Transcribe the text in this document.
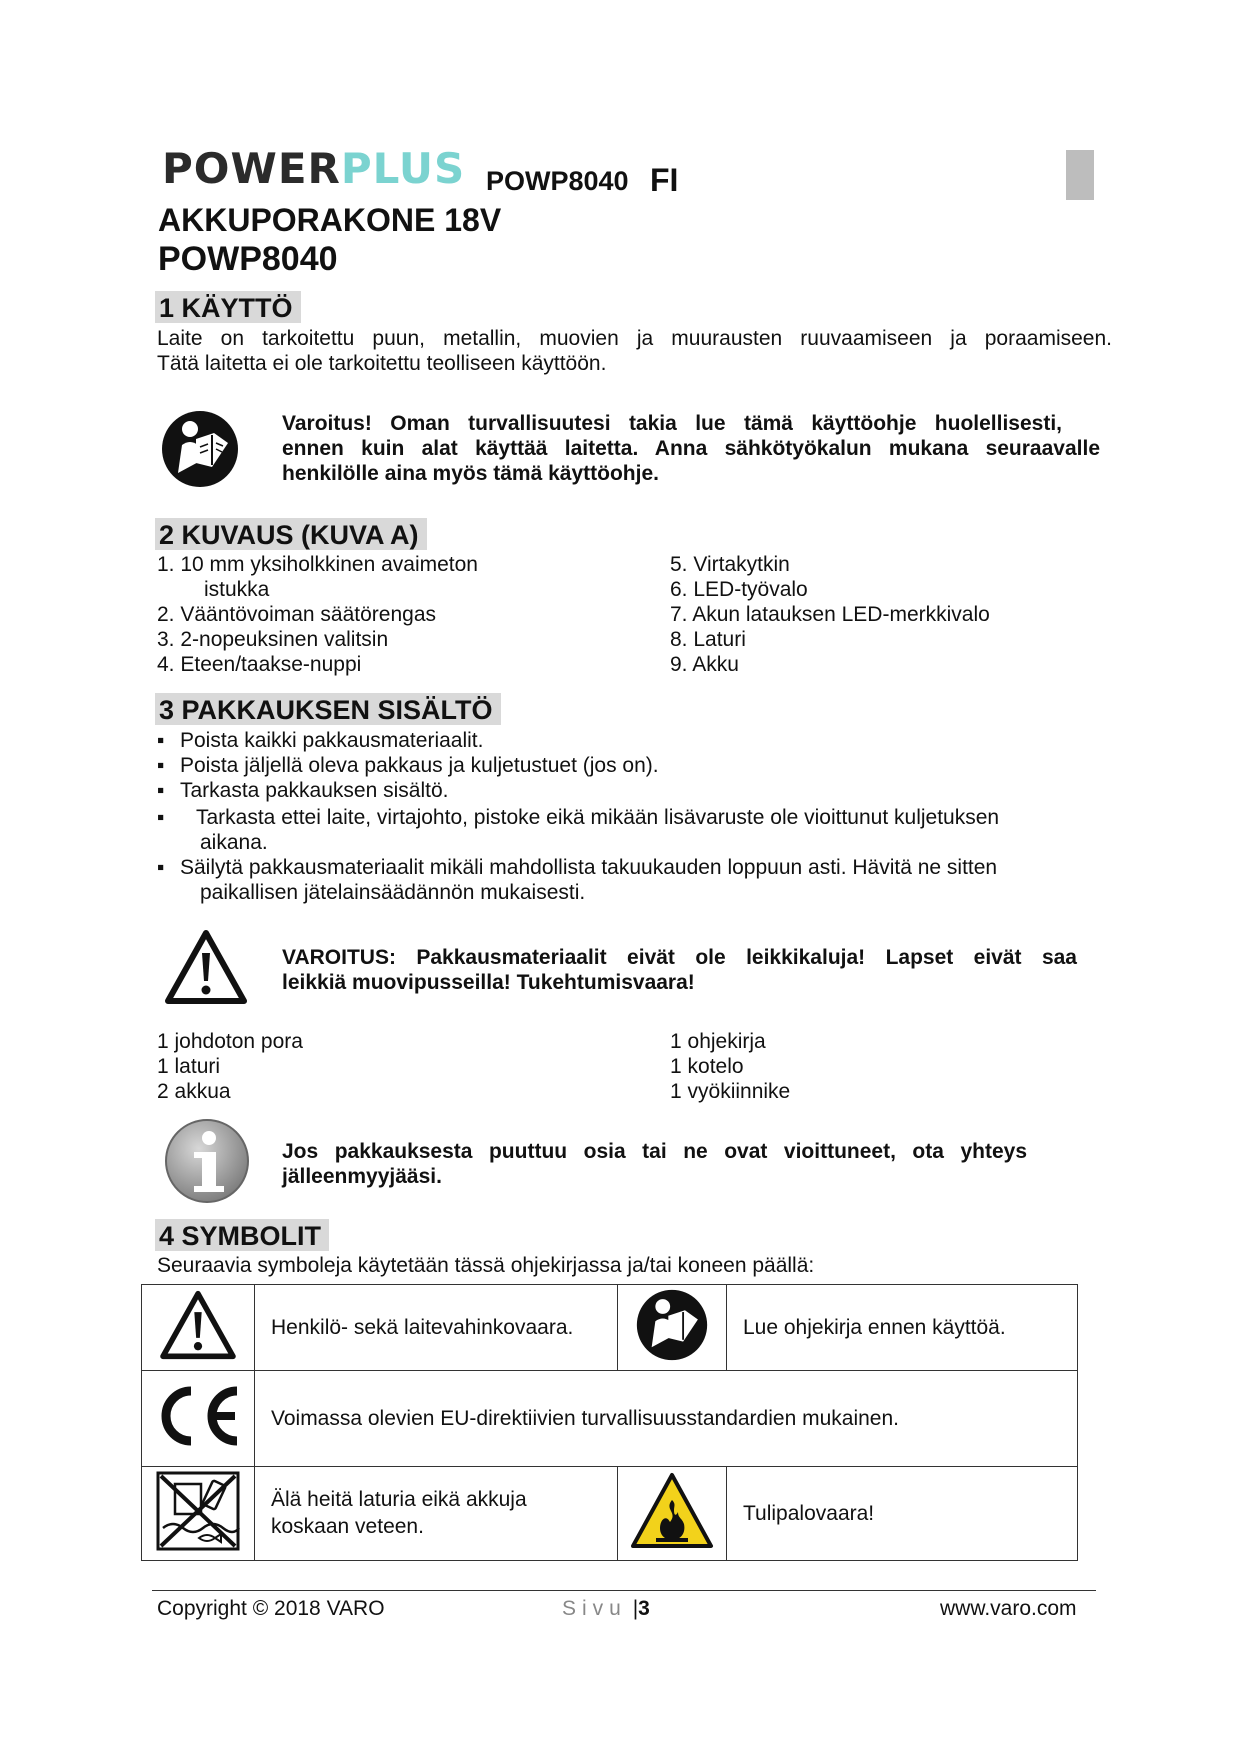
POWERPLUS POWP8040 FI
AKKUPORAKONE 18V
POWP8040
1 KÄYTTÖ
Laite on tarkoitettu puun, metallin, muovien ja muurausten ruuvaamiseen ja poraamiseen.
Tätä laitetta ei ole tarkoitettu teolliseen käyttöön.
Varoitus! Oman turvallisuutesi takia lue tämä käyttöohje huolellisesti,
ennen kuin alat käyttää laitetta. Anna sähkötyökalun mukana seuraavalle
henkilölle aina myös tämä käyttöohje.
2 KUVAUS (KUVA A)
1. 10 mm yksiholkkinen avaimeton
istukka
2. Vääntövoiman säätörengas
3. 2-nopeuksinen valitsin
4. Eteen/taakse-nuppi
5. Virtakytkin
6. LED-työvalo
7. Akun latauksen LED-merkkivalo
8. Laturi
9. Akku
3 PAKKAUKSEN SISÄLTÖ
▪ Poista kaikki pakkausmateriaalit.
▪ Poista jäljellä oleva pakkaus ja kuljetustuet (jos on).
▪ Tarkasta pakkauksen sisältö.
▪ Tarkasta ettei laite, virtajohto, pistoke eikä mikään lisävaruste ole vioittunut kuljetuksen
aikana.
▪ Säilytä pakkausmateriaalit mikäli mahdollista takuukauden loppuun asti. Hävitä ne sitten
paikallisen jätelainsäädännön mukaisesti.
VAROITUS: Pakkausmateriaalit eivät ole leikkikaluja! Lapset eivät saa
leikkiä muovipusseilla! Tukehtumisvaara!
1 johdoton pora
1 laturi
2 akkua
1 ohjekirja
1 kotelo
1 vyökiinnike
Jos pakkauksesta puuttuu osia tai ne ovat vioittuneet, ota yhteys
jälleenmyyjääsi.
4 SYMBOLIT
Seuraavia symboleja käytetään tässä ohjekirjassa ja/tai koneen päällä:
	Henkilö- sekä laitevahinkovaara.		Lue ohjekirja ennen käyttöä.
	Voimassa olevien EU-direktiivien turvallisuusstandardien mukainen.		

Älä heitä laturia eikä akkuja
koskaan veteen.		Tulipalovaara!
Copyright © 2018 VARO	Sivu |3	www.varo.com
